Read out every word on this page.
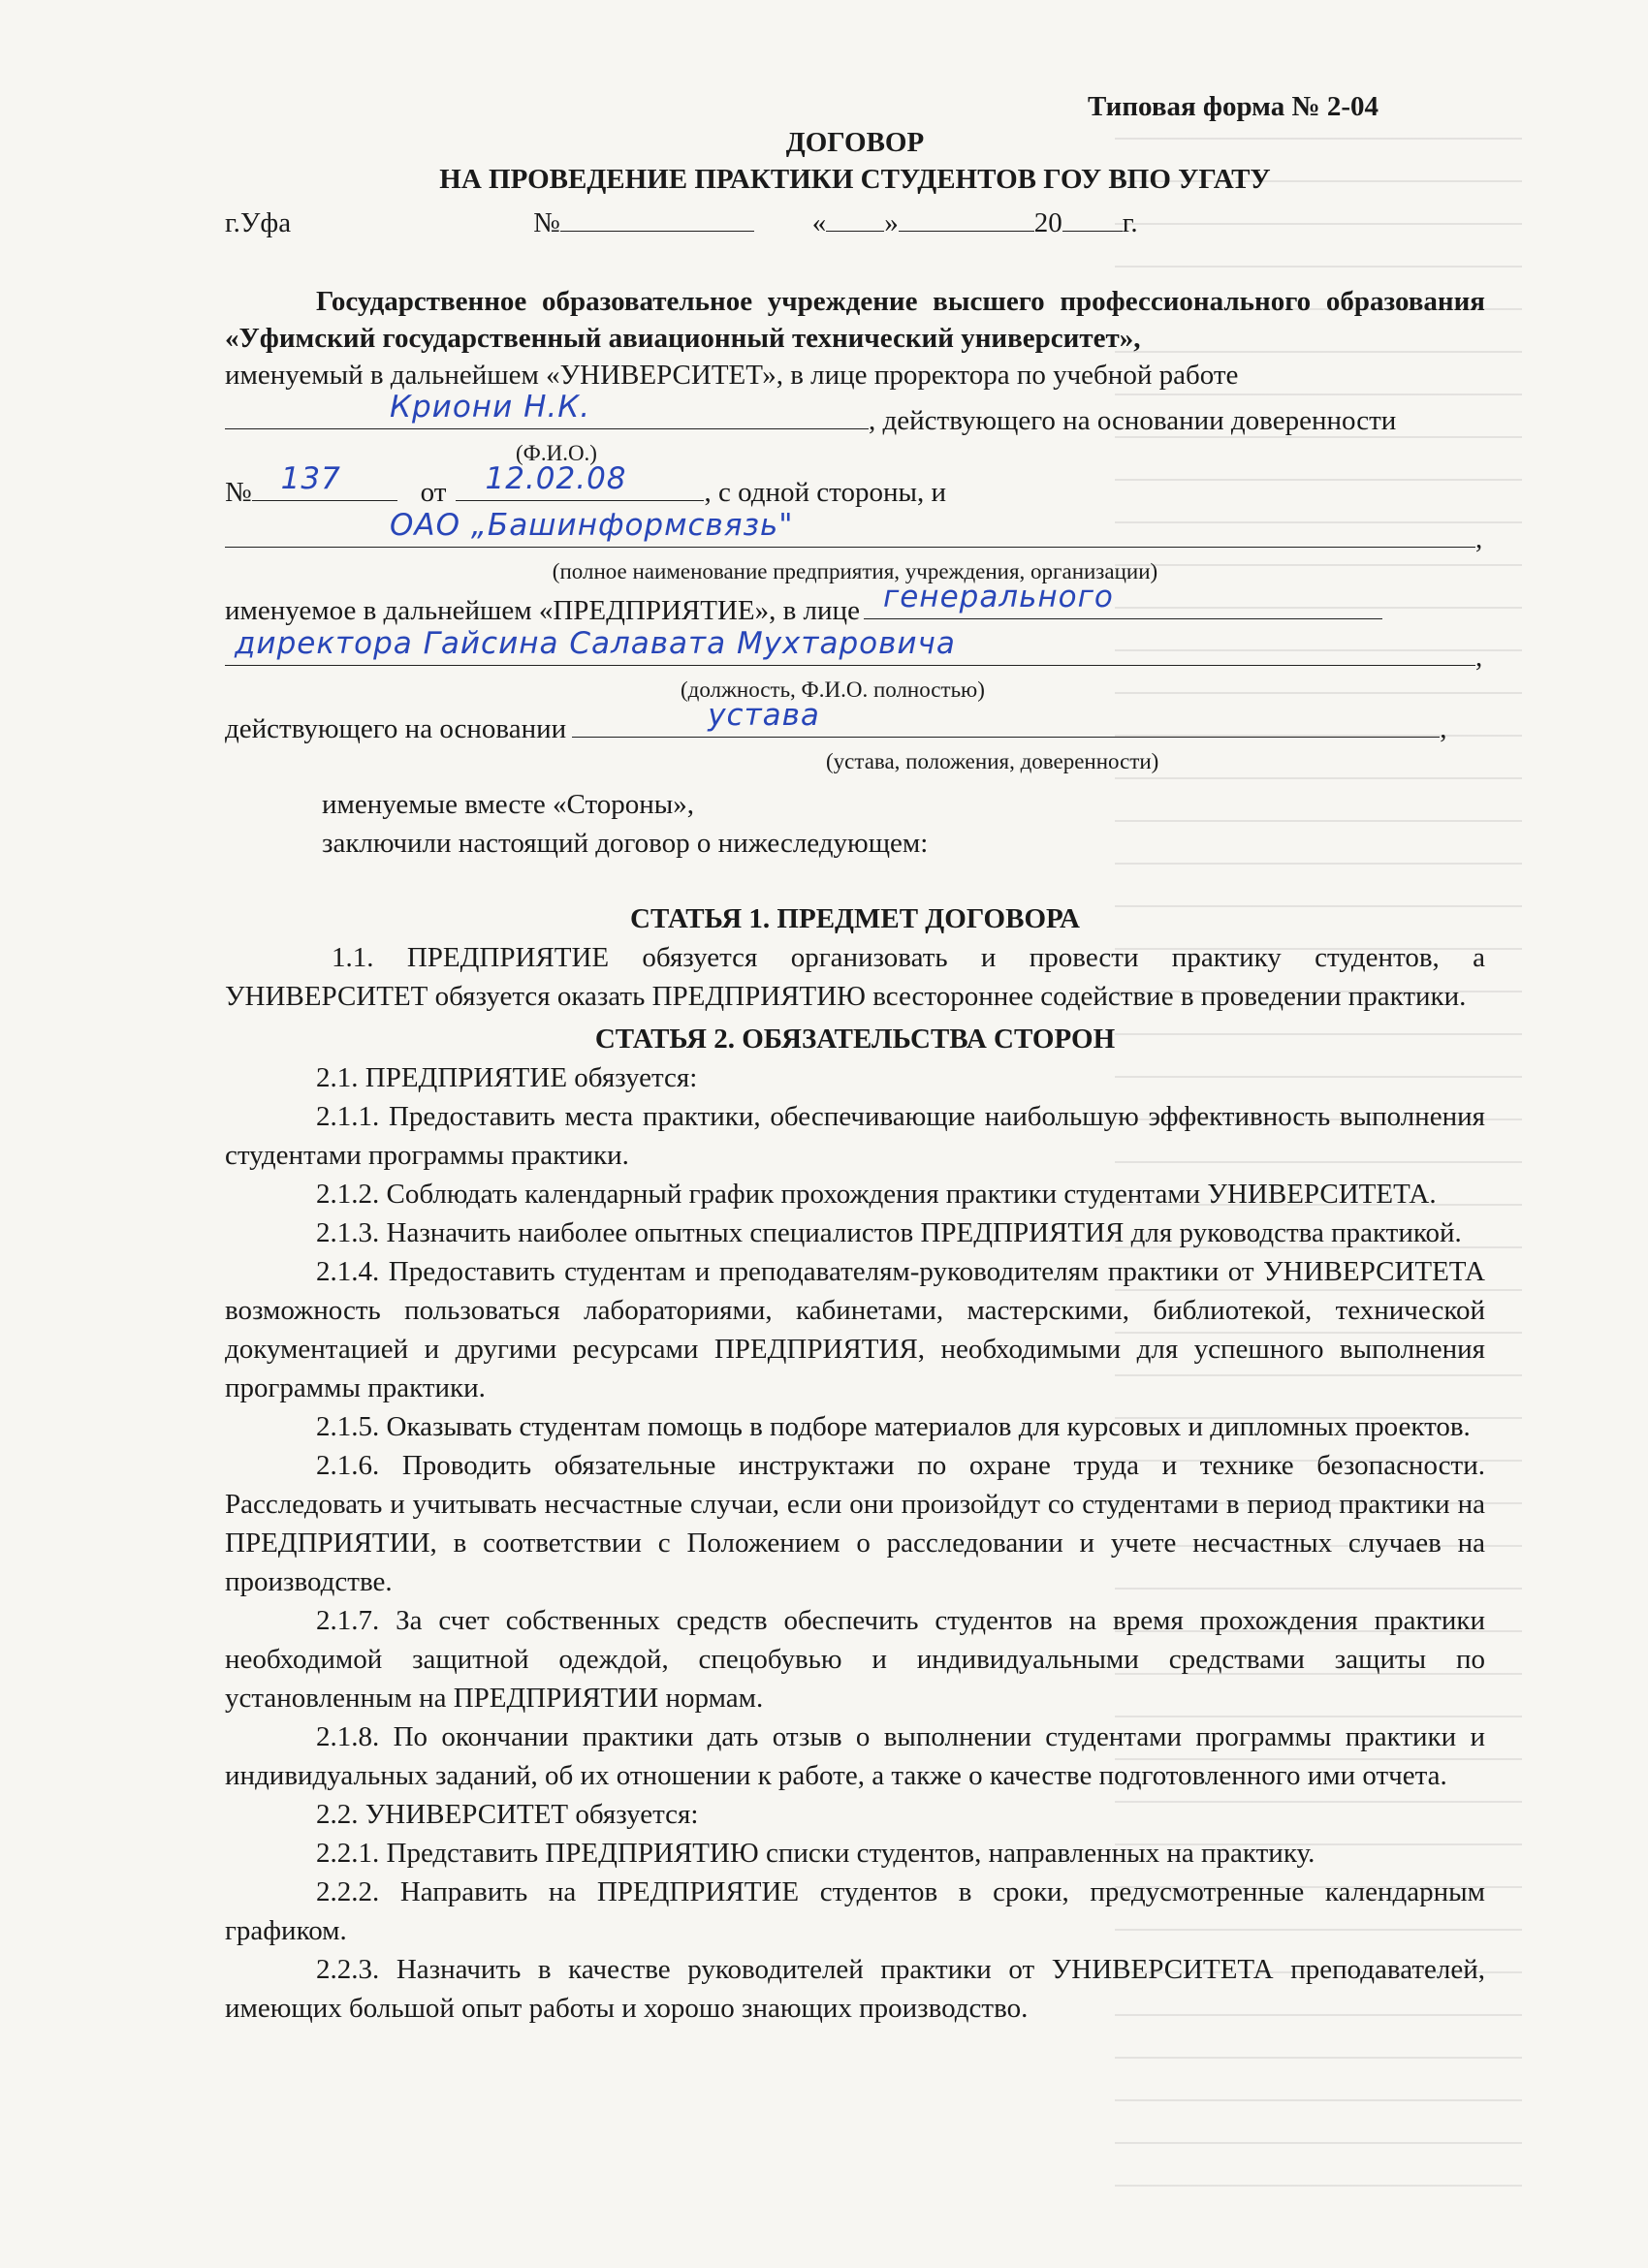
Типовая форма № 2-04
ДОГОВОР
НА ПРОВЕДЕНИЕ ПРАКТИКИ СТУДЕНТОВ ГОУ ВПО УГАТУ
г.Уфа	№	« »	20 г.
Государственное образовательное учреждение высшего профессионального образования «Уфимский государственный авиационный технический университет»,
именуемый в дальнейшем «УНИВЕРСИТЕТ», в лице проректора по учебной работе
Криони Н.К.	, действующего на основании доверенности
(Ф.И.О.)
№ 137	от 12.02.08	, с одной стороны, и
ОАО „Башинформсвязь"	,
(полное наименование предприятия, учреждения, организации)
именуемое в дальнейшем «ПРЕДПРИЯТИЕ», в лице генерального
директора Гайсина Салавата Мухтаровича	,
(должность, Ф.И.О. полностью)
действующего на основании	устава	,
(устава, положения, доверенности)
именуемые вместе «Стороны»,
заключили настоящий договор о нижеследующем:
СТАТЬЯ 1. ПРЕДМЕТ ДОГОВОРА
1.1. ПРЕДПРИЯТИЕ обязуется организовать и провести практику студентов, а УНИВЕРСИТЕТ обязуется оказать ПРЕДПРИЯТИЮ всестороннее содействие в проведении практики.
СТАТЬЯ 2. ОБЯЗАТЕЛЬСТВА СТОРОН
2.1. ПРЕДПРИЯТИЕ обязуется:
2.1.1. Предоставить места практики, обеспечивающие наибольшую эффективность выполнения студентами программы практики.
2.1.2. Соблюдать календарный график прохождения практики студентами УНИВЕРСИТЕТА.
2.1.3. Назначить наиболее опытных специалистов ПРЕДПРИЯТИЯ для руководства практикой.
2.1.4. Предоставить студентам и преподавателям-руководителям практики от УНИВЕРСИТЕТА возможность пользоваться лабораториями, кабинетами, мастерскими, библиотекой, технической документацией и другими ресурсами ПРЕДПРИЯТИЯ, необходимыми для успешного выполнения программы практики.
2.1.5. Оказывать студентам помощь в подборе материалов для курсовых и дипломных проектов.
2.1.6. Проводить обязательные инструктажи по охране труда и технике безопасности. Расследовать и учитывать несчастные случаи, если они произойдут со студентами в период практики на ПРЕДПРИЯТИИ, в соответствии с Положением о расследовании и учете несчастных случаев на производстве.
2.1.7. За счет собственных средств обеспечить студентов на время прохождения практики необходимой защитной одеждой, спецобувью и индивидуальными средствами защиты по установленным на ПРЕДПРИЯТИИ нормам.
2.1.8. По окончании практики дать отзыв о выполнении студентами программы практики и индивидуальных заданий, об их отношении к работе, а также о качестве подготовленного ими отчета.
2.2. УНИВЕРСИТЕТ обязуется:
2.2.1. Представить ПРЕДПРИЯТИЮ списки студентов, направленных на практику.
2.2.2. Направить на ПРЕДПРИЯТИЕ студентов в сроки, предусмотренные календарным графиком.
2.2.3. Назначить в качестве руководителей практики от УНИВЕРСИТЕТА преподавателей, имеющих большой опыт работы и хорошо знающих производство.
